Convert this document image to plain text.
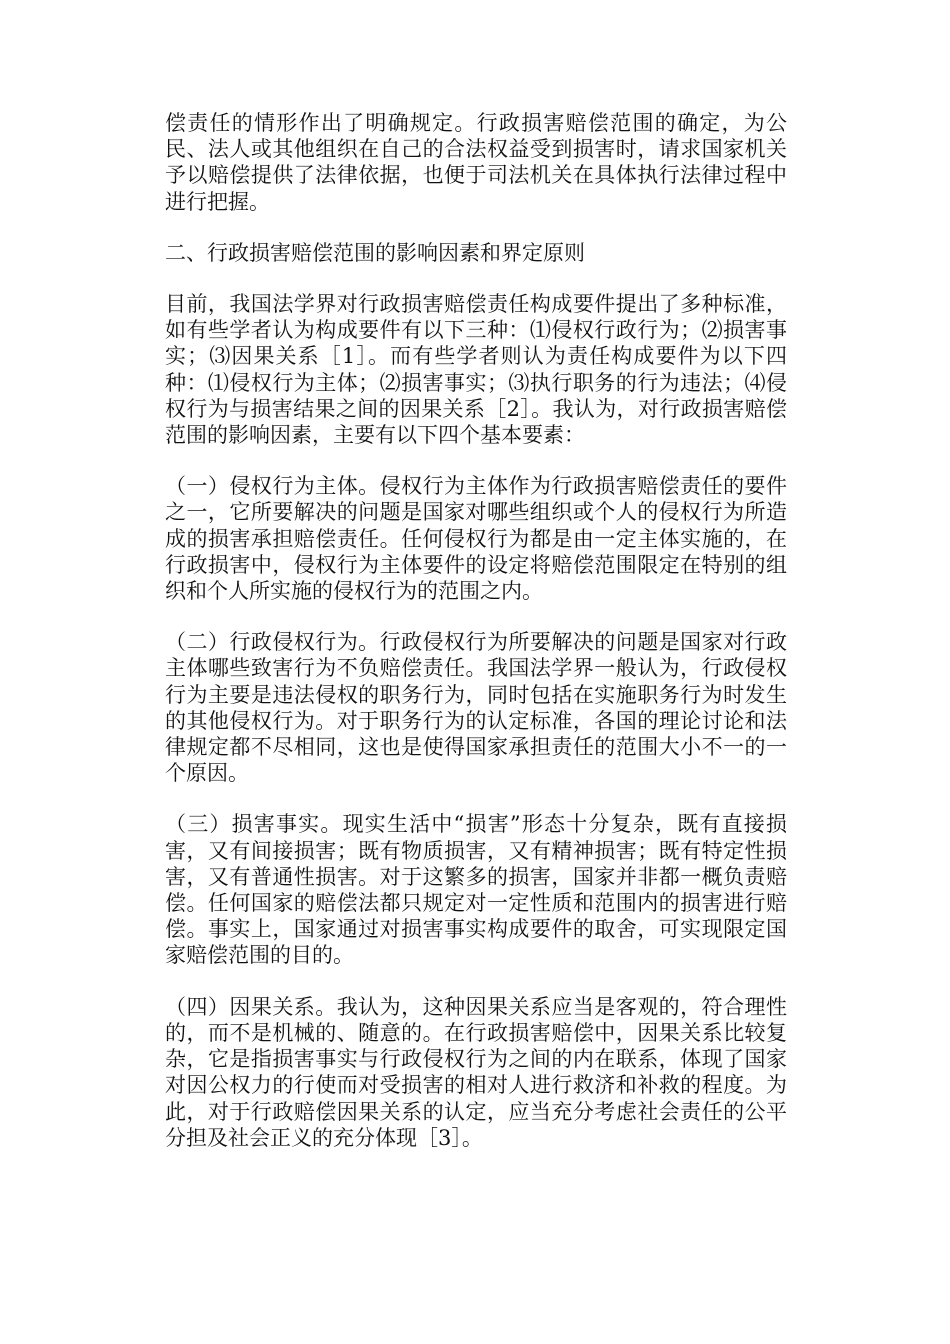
偿责任的情形作出了明确规定。行政损害赔偿范围的确定，为公民、法人或其他组织在自己的合法权益受到损害时，请求国家机关予以赔偿提供了法律依据，也便于司法机关在具体执行法律过程中进行把握。

二、行政损害赔偿范围的影响因素和界定原则

目前，我国法学界对行政损害赔偿责任构成要件提出了多种标准，如有些学者认为构成要件有以下三种：⑴侵权行政行为；⑵损害事实；⑶因果关系［1］。而有些学者则认为责任构成要件为以下四种：⑴侵权行为主体；⑵损害事实；⑶执行职务的行为违法；⑷侵权行为与损害结果之间的因果关系［2］。我认为，对行政损害赔偿范围的影响因素，主要有以下四个基本要素：

（一）侵权行为主体。侵权行为主体作为行政损害赔偿责任的要件之一，它所要解决的问题是国家对哪些组织或个人的侵权行为所造成的损害承担赔偿责任。任何侵权行为都是由一定主体实施的，在行政损害中，侵权行为主体要件的设定将赔偿范围限定在特别的组织和个人所实施的侵权行为的范围之内。

（二）行政侵权行为。行政侵权行为所要解决的问题是国家对行政主体哪些致害行为不负赔偿责任。我国法学界一般认为，行政侵权行为主要是违法侵权的职务行为，同时包括在实施职务行为时发生的其他侵权行为。对于职务行为的认定标准，各国的理论讨论和法律规定都不尽相同，这也是使得国家承担责任的范围大小不一的一个原因。

（三）损害事实。现实生活中“损害”形态十分复杂，既有直接损害，又有间接损害；既有物质损害，又有精神损害；既有特定性损害，又有普通性损害。对于这繁多的损害，国家并非都一概负责赔偿。任何国家的赔偿法都只规定对一定性质和范围内的损害进行赔偿。事实上，国家通过对损害事实构成要件的取舍，可实现限定国家赔偿范围的目的。

（四）因果关系。我认为，这种因果关系应当是客观的，符合理性的，而不是机械的、随意的。在行政损害赔偿中，因果关系比较复杂，它是指损害事实与行政侵权行为之间的内在联系，体现了国家对因公权力的行使而对受损害的相对人进行救济和补救的程度。为此，对于行政赔偿因果关系的认定，应当充分考虑社会责任的公平分担及社会正义的充分体现［3］。
